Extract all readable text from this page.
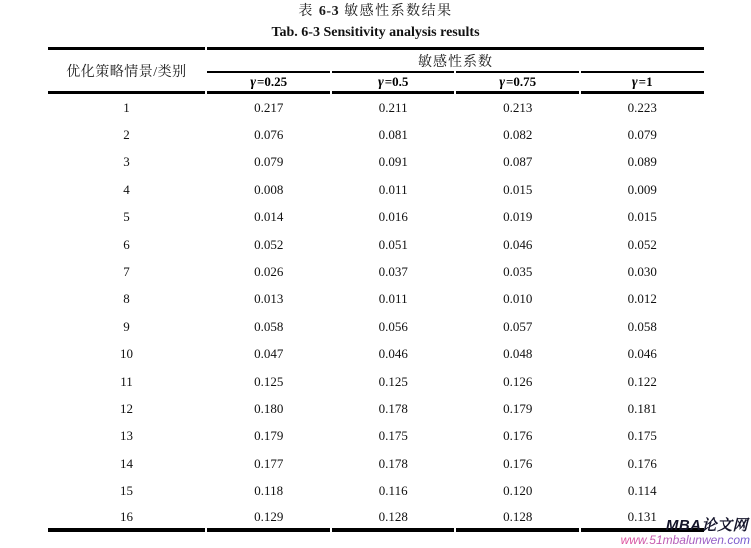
表 6-3 敏感性系数结果
Tab. 6-3 Sensitivity analysis results
优化策略情景/类别	敏感性系数			
	γ=0.25	γ=0.5	γ=0.75	γ=1
1	0.217	0.211	0.213	0.223
2	0.076	0.081	0.082	0.079
3	0.079	0.091	0.087	0.089
4	0.008	0.011	0.015	0.009
5	0.014	0.016	0.019	0.015
6	0.052	0.051	0.046	0.052
7	0.026	0.037	0.035	0.030
8	0.013	0.011	0.010	0.012
9	0.058	0.056	0.057	0.058
10	0.047	0.046	0.048	0.046
11	0.125	0.125	0.126	0.122
12	0.180	0.178	0.179	0.181
13	0.179	0.175	0.176	0.175
14	0.177	0.178	0.176	0.176
15	0.118	0.116	0.120	0.114
16	0.129	0.128	0.128	0.131
MBA论文网
www.51mbalunwen.com
